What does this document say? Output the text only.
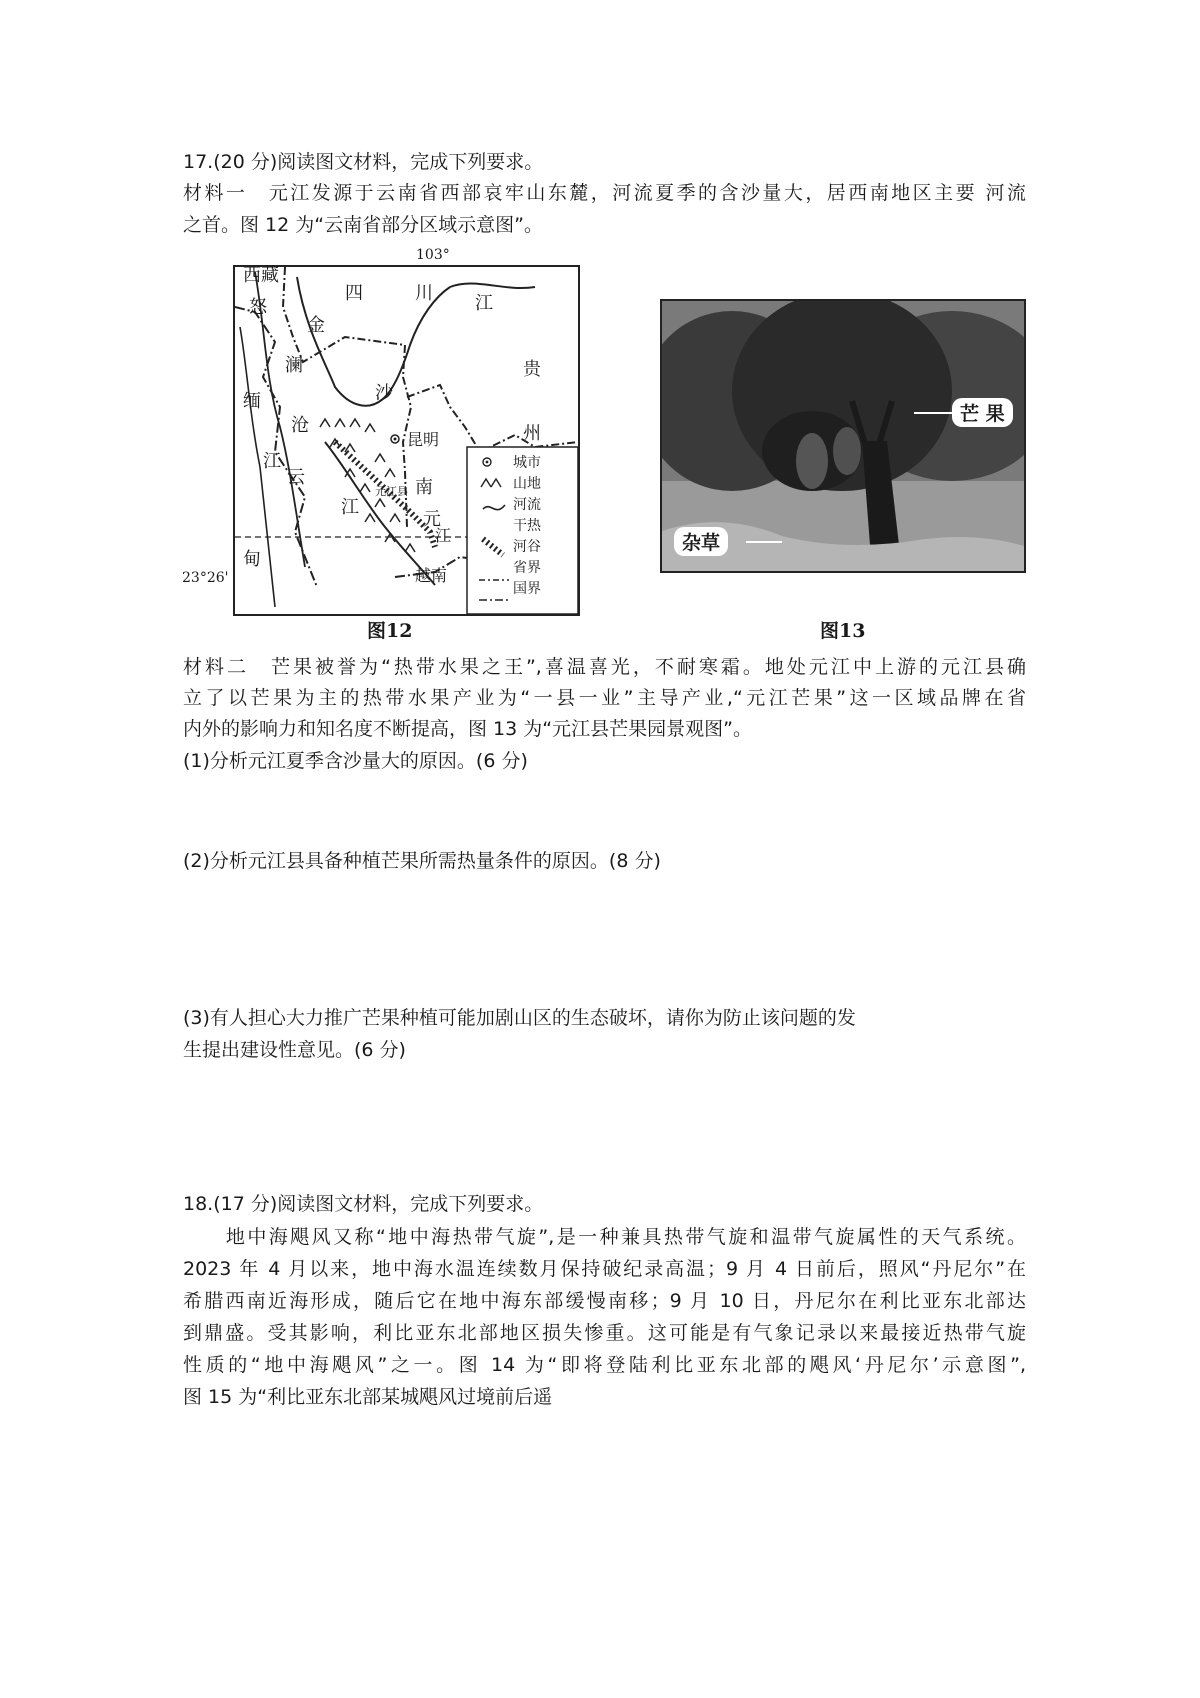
17.(20 分)阅读图文材料，完成下列要求。
材料一　元江发源于云南省西部哀牢山东麓，河流夏季的含沙量大，居西南地区主要 河流
之首。图 12 为“云南省部分区域示意图”。
西藏
四	川 江
怒
金
澜
沙
贵
州
缅
沧
昆明
江
云	南
江
元江县
元
江
甸
越南
城市
山地
河流
干热
河谷
省界
国界
103°
23°26'
图12
芒 果
杂草
图13
材料二　芒果被誉为“热带水果之王”,喜温喜光，不耐寒霜。地处元江中上游的元江县确
立了以芒果为主的热带水果产业为“一县一业”主导产业,“元江芒果”这一区域品牌在省
内外的影响力和知名度不断提高，图 13 为“元江县芒果园景观图”。
(1)分析元江夏季含沙量大的原因。(6 分)
(2)分析元江县具备种植芒果所需热量条件的原因。(8 分)
(3)有人担心大力推广芒果种植可能加剧山区的生态破坏，请你为防止该问题的发
生提出建设性意见。(6 分)
18.(17 分)阅读图文材料，完成下列要求。
　　地中海飓风又称“地中海热带气旋”,是一种兼具热带气旋和温带气旋属性的天气系统。
2023 年 4 月以来，地中海水温连续数月保持破纪录高温；9 月 4 日前后，照风“丹尼尔”在
希腊西南近海形成，随后它在地中海东部缓慢南移；9 月 10 日，丹尼尔在利比亚东北部达
到鼎盛。受其影响，利比亚东北部地区损失惨重。这可能是有气象记录以来最接近热带气旋
性质的“地中海飓风”之一。图 14 为“即将登陆利比亚东北部的飓风‘丹尼尔’示意图”,
图 15 为“利比亚东北部某城飓风过境前后遥
